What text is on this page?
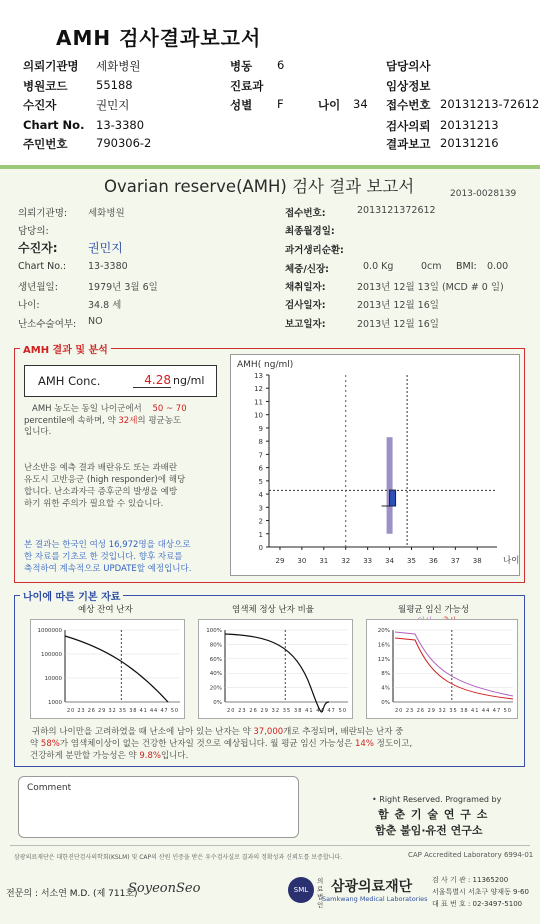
AMH 검사결과보고서
의뢰기관명 세화병원	병동 6	담당의사
병원코드 55188	진료과	임상정보
수진자	권민지	성별 F	나이 34 접수번호 20131213-72612
Chart No. 13-3380	검사의뢰 20131213
주민번호 790306-2	결과보고 20131216
Ovarian reserve(AMH) 검사 결과 보고서	2013-0028139
의뢰기관명: 세화병원
담당의:
수진자:	권민지
Chart No.: 13-3380
생년월일:	1979년 3월 6일
나이:	34.8 세
난소수술여부: NO
접수번호:	2013121372612
최종월경일:
과거생리순환:
체중/신장:	0.0 Kg	0cm BMI: 0.00
채취일자:	2013년 12월 13일 (MCD # 0 일)
검사일자:	2013년 12월 16일
보고일자:	2013년 12월 16일
AMH 결과 및 분석
AMH Conc.	4.28 ng/ml
AMH 농도는 동일 나이군에서 50 ~ 70
percentile에 속하며, 약 32세의 평균농도
입니다.
난소반응 예측 결과 배란유도 또는 과배란
유도시 고반응군 (high responder)에 해당
합니다. 난소과자극 증후군의 발생을 예방
하기 위한 주의가 필요할 수 있습니다.
본 결과는 한국인 여성 16,972명을 대상으로
한 자료를 기초로 한 것입니다. 향후 자료를
축적하여 계속적으로 UPDATE할 예정입니다.
AMH( ng/ml)
0
1
2
3
4
5
6
7
8
9
10
11
12
13
29 30 31 32 33 34 35 36 37 38	나이
나이에 따른 기본 자료
예상 잔여 난자	염색체 정상 난자 비율	월평균 임신 가능성
1000000
100000
10000
1000
20 23 26 29 32 35 38 41 44 47 50
100%
80%
60%
40%
20%
0%
20 23 26 29 32 35 38 41 44 47 50
20%
16%
12%
8%
4%
0%
20 23 26 29 32 35 38 41 44 47 50
귀하의 나이만을 고려하였을 때 난소에 남아 있는 난자는 약 37,000개로 추정되며, 배란되는 난자 중
약 58%가 염색체이상이 없는 건강한 난자일 것으로 예상됩니다. 월 평균 임신 가능성은 14% 정도이고,
건강하게 분만할 가능성은 약 9.8%입니다.
Comment
• Right Reserved. Programed by
함 춘 기 술 연 구 소
함춘 불임·유전 연구소
삼광의료재단은 대한진단검사의학회(KSLM) 및 CAP의 산원 인증을 받은 우수검사실로 결과의 정확성과 신뢰도를 보증합니다.	CAP Accredited Laboratory 6994-01
전문의 : 서소연 M.D. (제 711호)
SoyeonSeo	SML
의료법인
삼광의료재단
Samkwang Medical Laboratories
검 사 기 관 : 11365200
서울특별시 서초구 양재동 9-60
대 표 번 호 : 02-3497-5100
